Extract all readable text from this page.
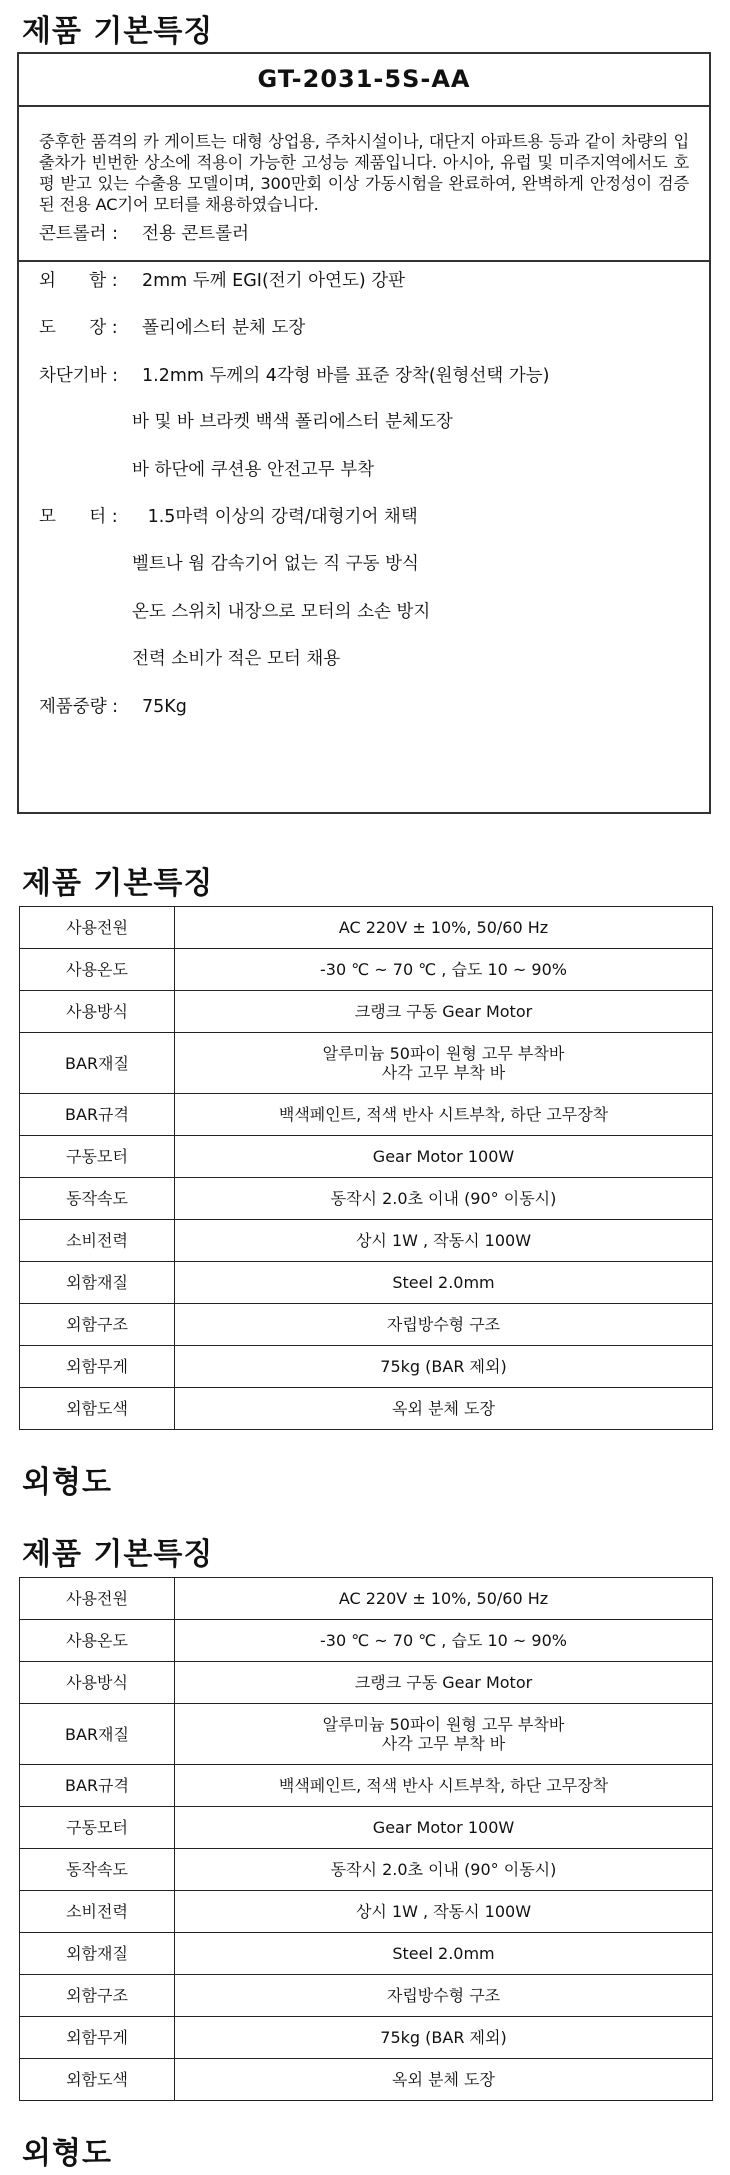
제품 기본특징
GT-2031-5S-AA
중후한 품격의 카 게이트는 대형 상업용, 주차시설이나, 대단지 아파트용 등과 같이 차량의 입출차가 빈번한 상소에 적용이 가능한 고성능 제품입니다. 아시아, 유럽 및 미주지역에서도 호평 받고 있는 수출용 모델이며, 300만회 이상 가동시험을 완료하여, 완벽하게 안정성이 검증된 전용 AC기어 모터를 채용하였습니다.
콘트롤러 : 전용 콘트롤러
외      함 : 2mm 두께 EGI(전기 아연도) 강판
도      장 : 폴리에스터 분체 도장
차단기바 : 1.2mm 두께의 4각형 바를 표준 장착(원형선택 가능)
바 및 바 브라켓 백색 폴리에스터 분체도장
바 하단에 쿠션용 안전고무 부착
모      터 : 1.5마력 이상의 강력/대형기어 채택
벨트나 웜 감속기어 없는 직 구동 방식
온도 스위치 내장으로 모터의 소손 방지
전력 소비가 적은 모터 채용
제품중량 : 75Kg
제품 기본특징
사용전원	AC 220V ± 10%, 50/60 Hz
사용온도	-30 ℃ ~ 70 ℃ , 습도 10 ~ 90%
사용방식	크랭크 구동 Gear Motor
BAR재질	알루미늄 50파이 원형 고무 부착바
사각 고무 부착 바
BAR규격	백색페인트, 적색 반사 시트부착, 하단 고무장착
구동모터	Gear Motor 100W
동작속도	동작시 2.0초 이내 (90° 이동시)
소비전력	상시 1W , 작동시 100W
외함재질	Steel 2.0mm
외함구조	자립방수형 구조
외함무게	75kg (BAR 제외)
외함도색	옥외 분체 도장
외형도
제품 기본특징
사용전원	AC 220V ± 10%, 50/60 Hz
사용온도	-30 ℃ ~ 70 ℃ , 습도 10 ~ 90%
사용방식	크랭크 구동 Gear Motor
BAR재질	알루미늄 50파이 원형 고무 부착바
사각 고무 부착 바
BAR규격	백색페인트, 적색 반사 시트부착, 하단 고무장착
구동모터	Gear Motor 100W
동작속도	동작시 2.0초 이내 (90° 이동시)
소비전력	상시 1W , 작동시 100W
외함재질	Steel 2.0mm
외함구조	자립방수형 구조
외함무게	75kg (BAR 제외)
외함도색	옥외 분체 도장
외형도
